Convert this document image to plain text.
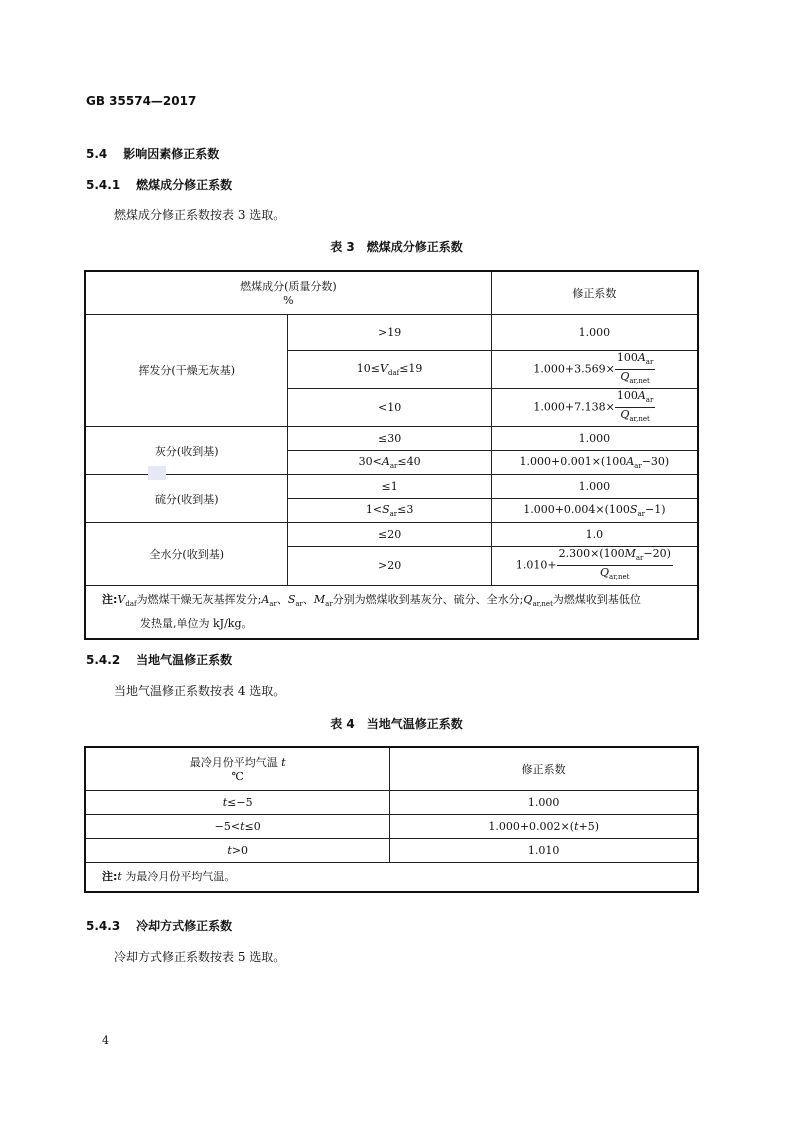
GB 35574—2017
5.4 影响因素修正系数
5.4.1 燃煤成分修正系数
燃煤成分修正系数按表 3 选取。
表 3 燃煤成分修正系数
燃煤成分(质量分数)
%		修正系数
挥发分(干燥无灰基)	>19	1.000
	$10\le V_{daf}\le 19$	$1.000+3.569\times \frac{100A_{ar}}{Q_{ar,net}}$

	<10	$1.000+7.138\times \frac{100A_{ar}}{Q_{ar,net}}$

灰分(收到基)	≤30	1.000
	$30<A_{ar}\le 40$	$1.000+0.001\times(100A_{ar}-30)$
硫分(收到基)	≤1	1.000
	$1<S_{ar}\le 3$	$1.000+0.004\times(100S_{ar}-1)$
全水分(收到基)	≤20	1.0
	>20	$1.010+ \frac{2.300\times(100M_{ar}-20)}{Q_{ar,net}}$

注$:V_{daf}$为燃煤干燥无灰基挥发分$;A_{ar}$、$S_{ar}$、$M_{ar}$分别为燃煤收到基灰分、硫分、全水分$;Q_{ar,net}$为燃煤收到基低位
发热量,单位为 kJ/kg。		
5.4.2 当地气温修正系数
当地气温修正系数按表 4 选取。
表 4 当地气温修正系数
最冷月份平均气温 t
℃	修正系数
t≤−5	1.000
−5<t≤0	1.000+0.002×(t+5)
t>0	1.010
注:t 为最冷月份平均气温。	
5.4.3 冷却方式修正系数
冷却方式修正系数按表 5 选取。
4
